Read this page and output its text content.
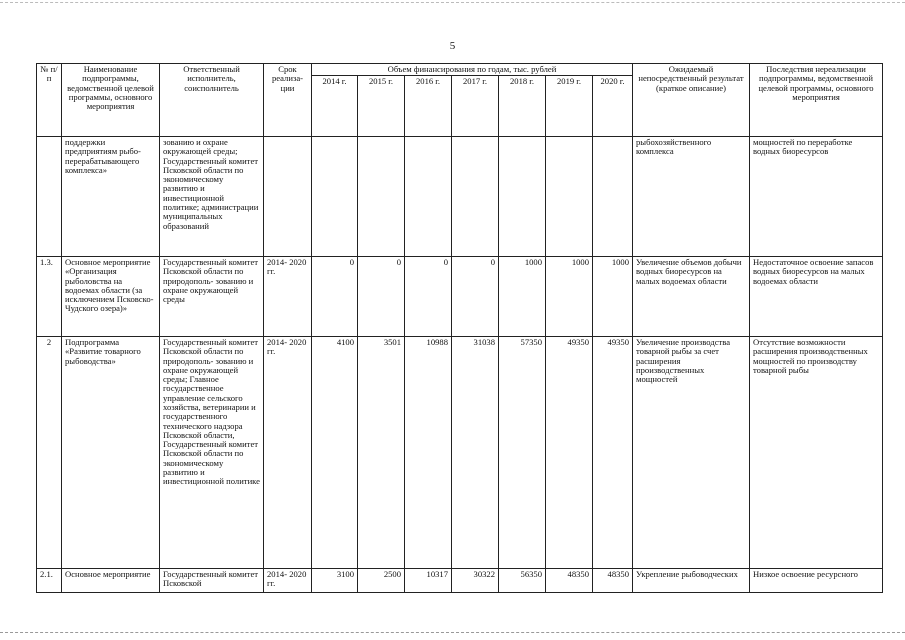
5
№ п/п	Наименование подпрограммы, ведомственной целевой программы, основного мероприятия	Ответственный исполнитель, соисполнитель	Срок реализа- ции	Объем финансирования по годам, тыс. рублей							Ожидаемый непосредственный результат (краткое описание)	Последствия нереализации подпрограммы, ведомственной целевой программы, основного мероприятия
				2014 г.	2015 г.	2016 г.	2017 г.	2018 г.	2019 г.	2020 г.		
	поддержки предприятиям рыбо- перерабатывающего комплекса»	зованию и охране окружающей среды; Государственный комитет Псковской области по экономическому развитию и инвестиционной политике; администрации муниципальных образований									рыбохозяйственного комплекса	мощностей по переработке водных биоресурсов
1.3.	Основное мероприятие «Организация рыболовства на водоемах области (за исключением Псковско-Чудского озера)»	Государственный комитет Псковской области по природополь- зованию и охране окружающей среды	2014- 2020 гг.	0	0	0	0	1000	1000	1000	Увеличение объемов добычи водных биоресурсов на малых водоемах области	Недостаточное освоение запасов водных биоресурсов на малых водоемах области
2	Подпрограмма «Развитие товарного рыбоводства»	Государственный комитет Псковской области по природополь- зованию и охране окружающей среды; Главное государственное управление сельского хозяйства, ветеринарии и государственного технического надзора Псковской области, Государственный комитет Псковской области по экономическому развитию и инвестиционной политике	2014- 2020 гг.	4100	3501	10988	31038	57350	49350	49350	Увеличение производства товарной рыбы за счет расширения производственных мощностей	Отсутствие возможности расширения производственных мощностей по производству товарной рыбы
2.1.	Основное мероприятие	Государственный комитет Псковской	2014- 2020 гг.	3100	2500	10317	30322	56350	48350	48350	Укрепление рыбоводческих	Низкое освоение ресурсного
